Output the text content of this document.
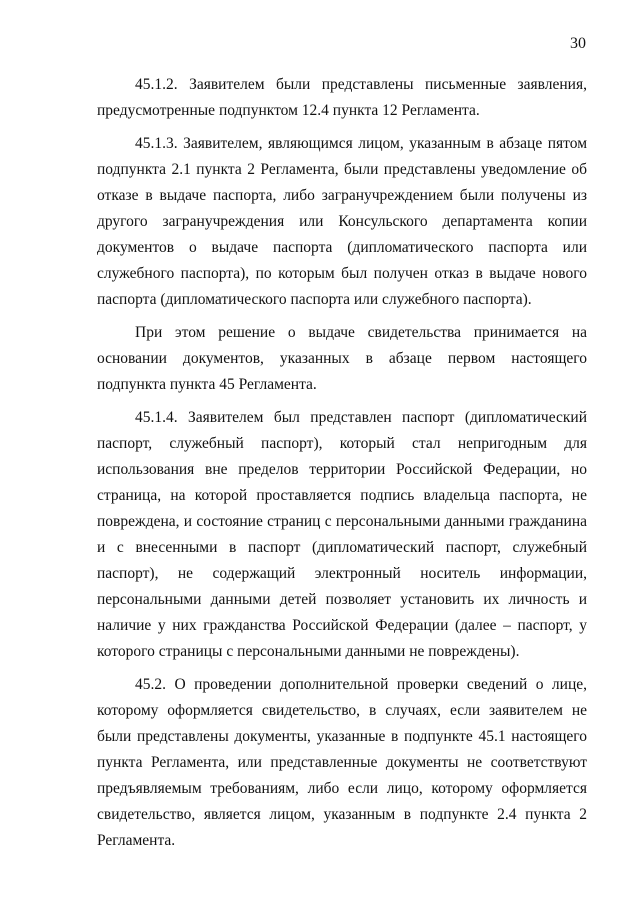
30

45.1.2. Заявителем были представлены письменные заявления, предусмотренные подпунктом 12.4 пункта 12 Регламента.

45.1.3. Заявителем, являющимся лицом, указанным в абзаце пятом подпункта 2.1 пункта 2 Регламента, были представлены уведомление об отказе в выдаче паспорта, либо загранучреждением были получены из другого загранучреждения или Консульского департамента копии документов о выдаче паспорта (дипломатического паспорта или служебного паспорта), по которым был получен отказ в выдаче нового паспорта (дипломатического паспорта или служебного паспорта).

При этом решение о выдаче свидетельства принимается на основании документов, указанных в абзаце первом настоящего подпункта пункта 45 Регламента.

45.1.4. Заявителем был представлен паспорт (дипломатический паспорт, служебный паспорт), который стал непригодным для использования вне пределов территории Российской Федерации, но страница, на которой проставляется подпись владельца паспорта, не повреждена, и состояние страниц с персональными данными гражданина и с внесенными в паспорт (дипломатический паспорт, служебный паспорт), не содержащий электронный носитель информации, персональными данными детей позволяет установить их личность и наличие у них гражданства Российской Федерации (далее – паспорт, у которого страницы с персональными данными не повреждены).

45.2. О проведении дополнительной проверки сведений о лице, которому оформляется свидетельство, в случаях, если заявителем не были представлены документы, указанные в подпункте 45.1 настоящего пункта Регламента, или представленные документы не соответствуют предъявляемым требованиям, либо если лицо, которому оформляется свидетельство, является лицом, указанным в подпункте 2.4 пункта 2 Регламента.
